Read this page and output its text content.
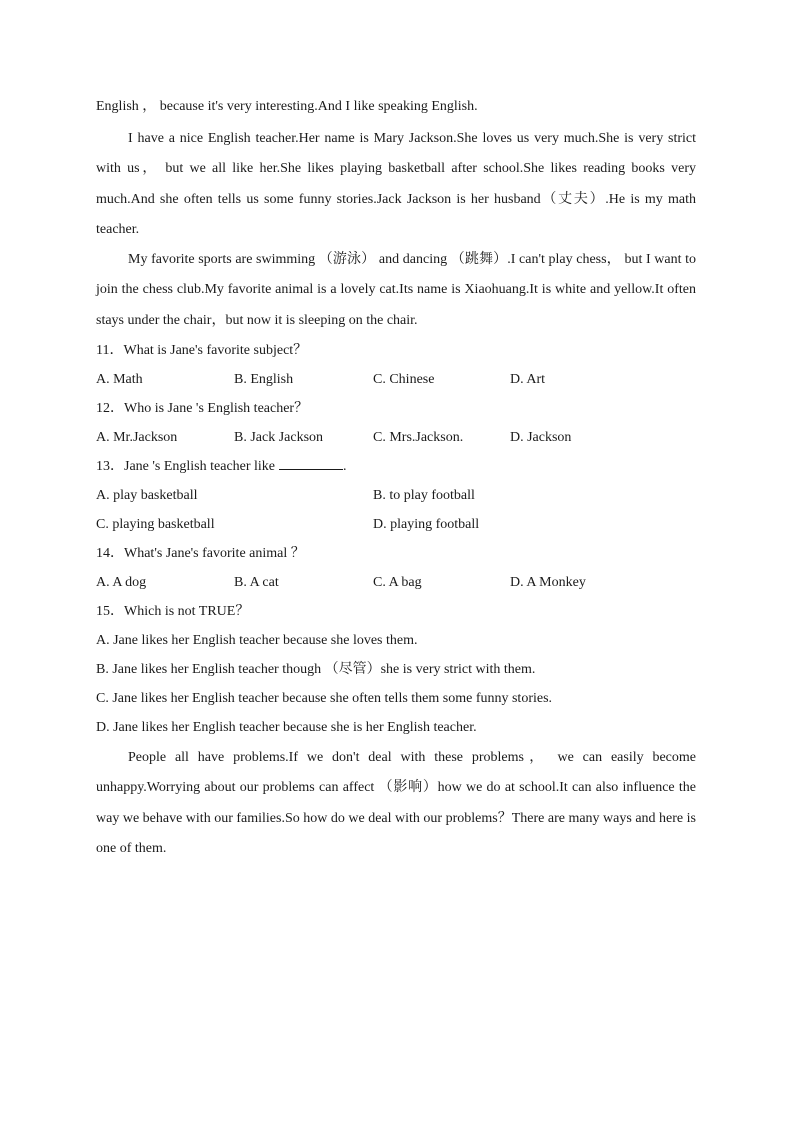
English ， because it's very interesting.And I like speaking English.

I have a nice English teacher.Her name is Mary Jackson.She loves us very much.She is very strict with us， but we all like her.She likes playing basketball after school.She likes reading books very much.And she often tells us some funny stories.Jack Jackson is her husband（丈夫）.He is my math teacher.

My favorite sports are swimming （游泳） and dancing （跳舞）.I can't play chess， but I want to join the chess club.My favorite animal is a lovely cat.Its name is Xiaohuang.It is white and yellow.It often stays under the chair，but now it is sleeping on the chair.

11．What is Jane's favorite subject？
A. Math	B. English	C. Chinese	D. Art
12．Who is Jane 's English teacher？
A. Mr.Jackson	B. Jack Jackson	C. Mrs.Jackson.	D. Jackson
13．Jane 's English teacher like	.
A. play basketball	B. to play football
C. playing basketball	D. playing football
14．What's Jane's favorite animal ？
A. A dog	B. A cat	C. A bag	D. A Monkey
15．Which is not TRUE？
A. Jane likes her English teacher because she loves them.
B. Jane likes her English teacher though （尽管）she is very strict with them.
C. Jane likes her English teacher because she often tells them some funny stories.
D. Jane likes her English teacher because she is her English teacher.

People all have problems.If we don't deal with these problems， we can easily become unhappy.Worrying about our problems can affect （影响）how we do at school.It can also influence the way we behave with our families.So how do we deal with our problems？There are many ways and here is one of them.
